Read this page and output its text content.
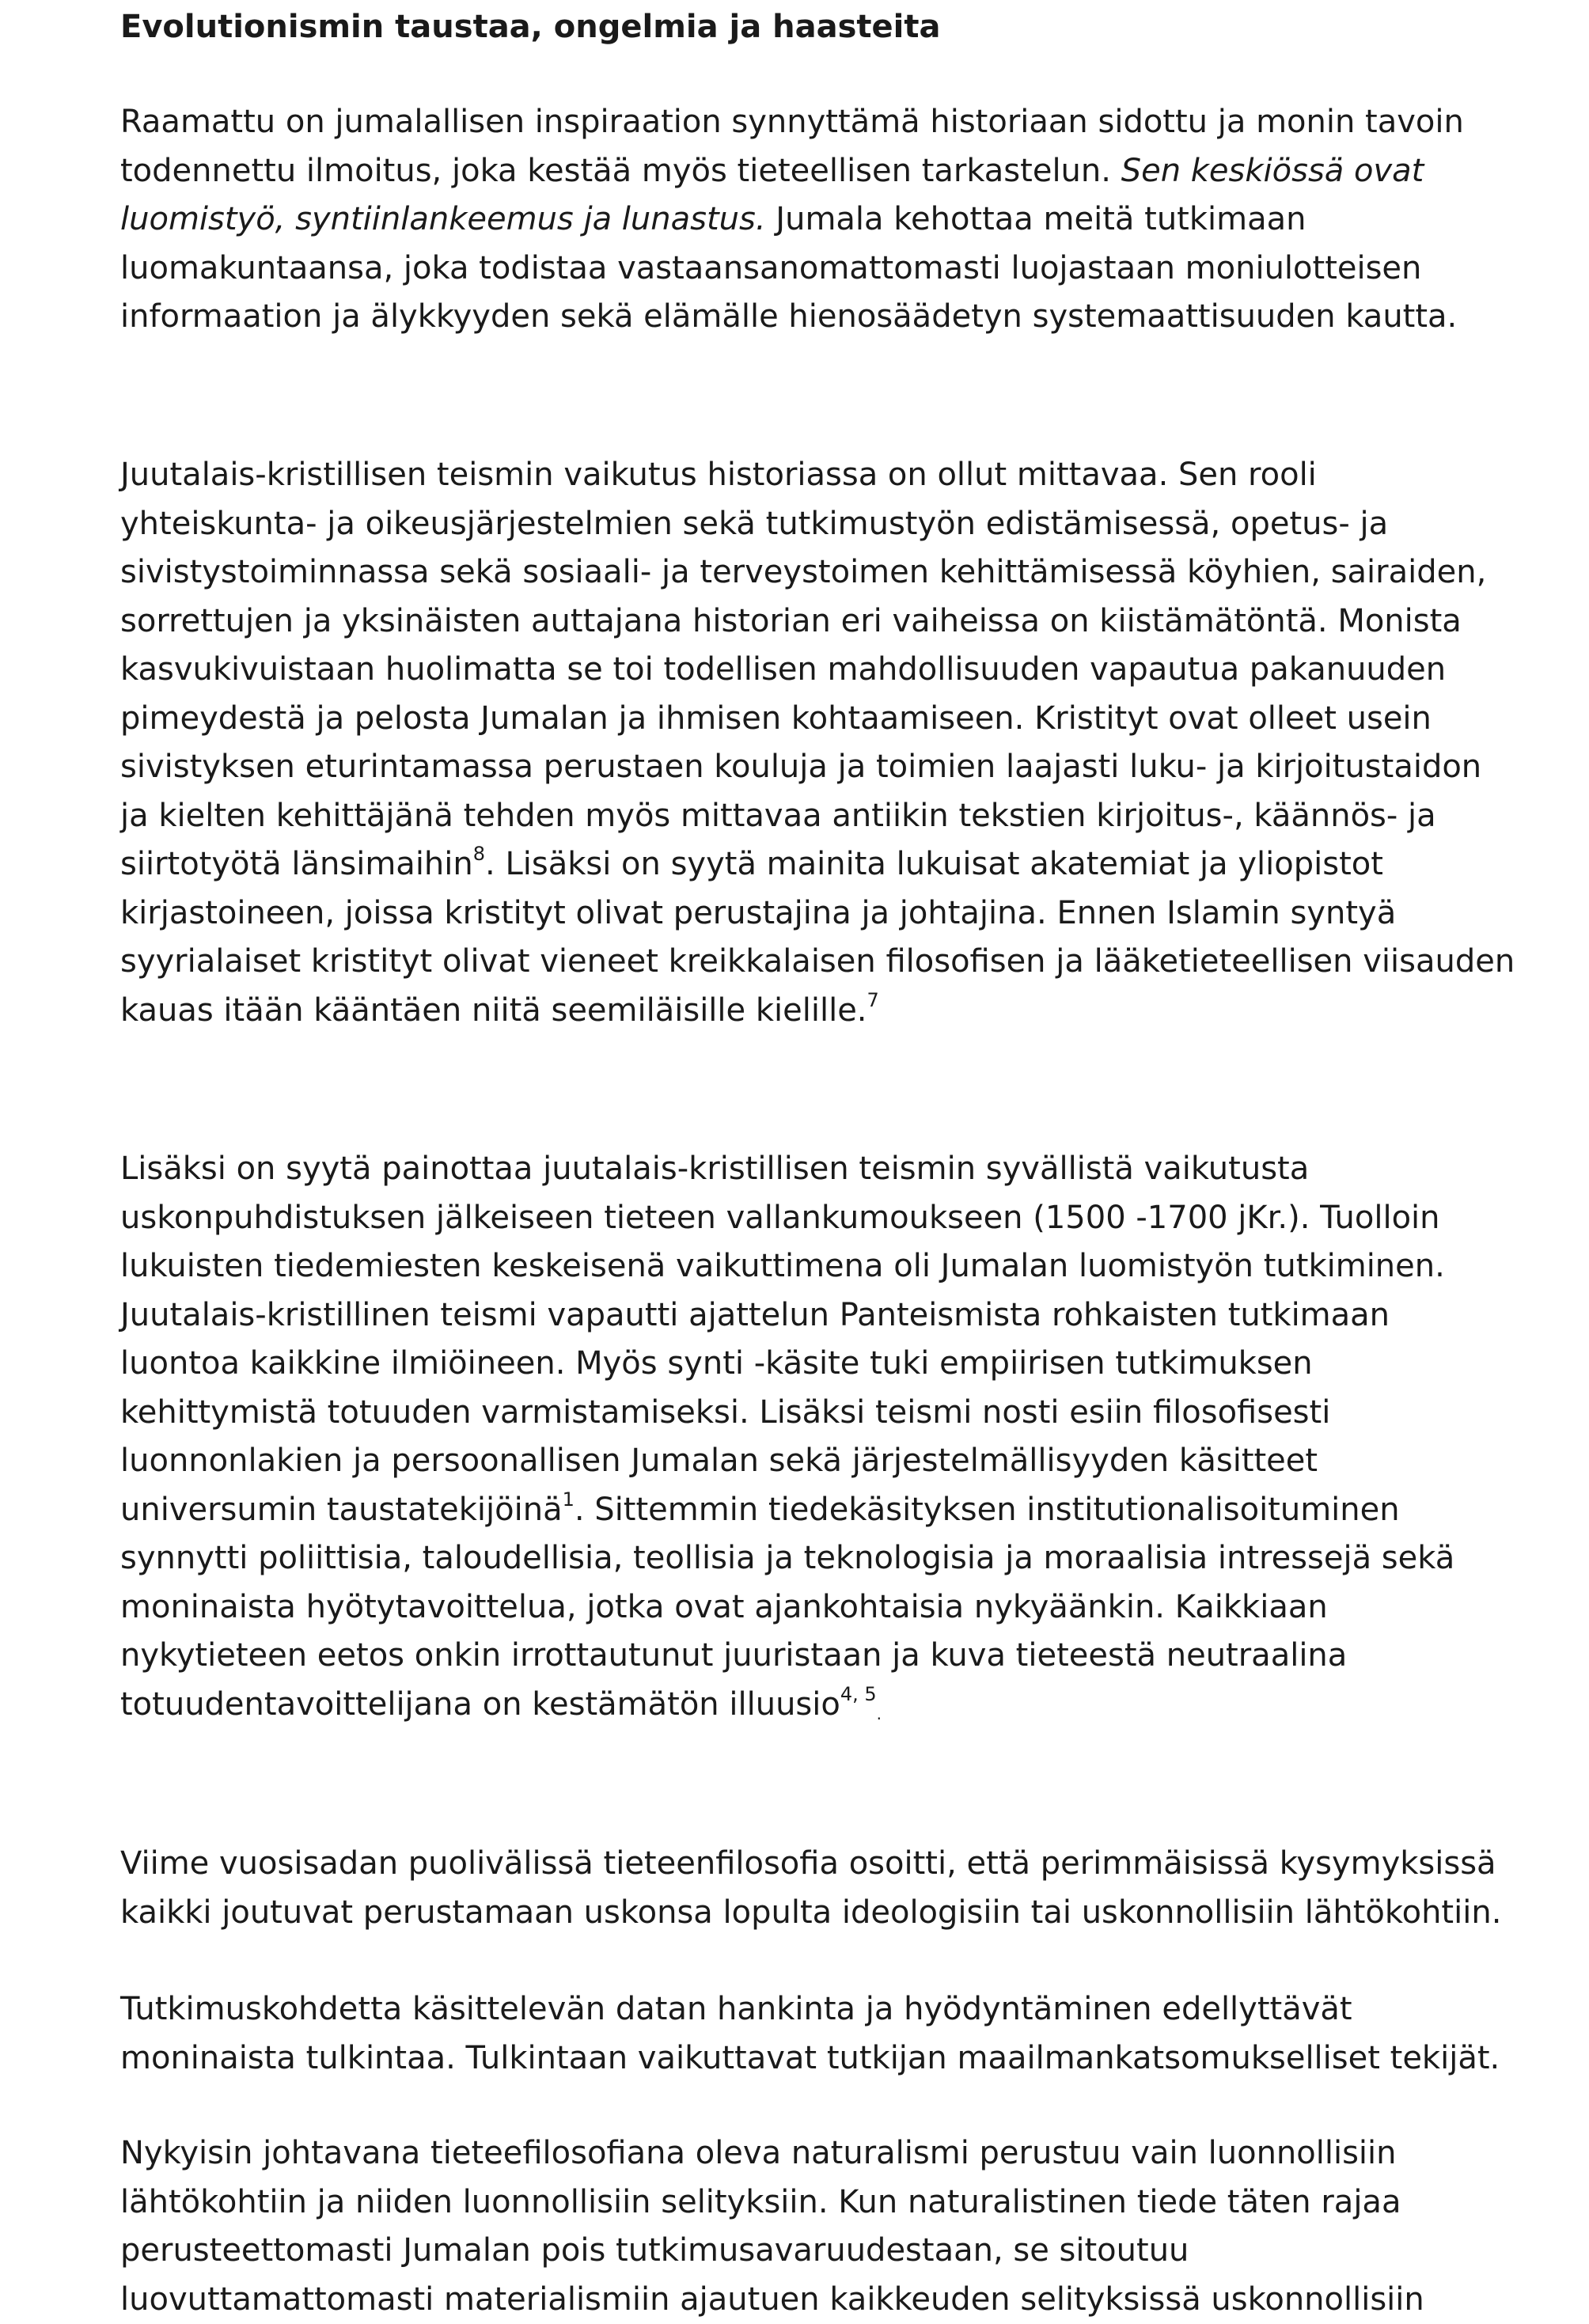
Evolutionismin taustaa, ongelmia ja haasteita

Raamattu on jumalallisen inspiraation synnyttämä historiaan sidottu ja monin tavoin
todennettu ilmoitus, joka kestää myös tieteellisen tarkastelun. Sen keskiössä ovat
luomistyö, syntiinlankeemus ja lunastus. Jumala kehottaa meitä tutkimaan
luomakuntaansa, joka todistaa vastaansanomattomasti luojastaan moniulotteisen
informaation ja älykkyyden sekä elämälle hienosäädetyn systemaattisuuden kautta.

Juutalais-kristillisen teismin vaikutus historiassa on ollut mittavaa. Sen rooli
yhteiskunta- ja oikeusjärjestelmien sekä tutkimustyön edistämisessä, opetus- ja
sivistystoiminnassa sekä sosiaali- ja terveystoimen kehittämisessä köyhien, sairaiden,
sorrettujen ja yksinäisten auttajana historian eri vaiheissa on kiistämätöntä. Monista
kasvukivuistaan huolimatta se toi todellisen mahdollisuuden vapautua pakanuuden
pimeydestä ja pelosta Jumalan ja ihmisen kohtaamiseen. Kristityt ovat olleet usein
sivistyksen eturintamassa perustaen kouluja ja toimien laajasti luku- ja kirjoitustaidon
ja kielten kehittäjänä tehden myös mittavaa antiikin tekstien kirjoitus-, käännös- ja
siirtotyötä länsimaihin$^8$. Lisäksi on syytä mainita lukuisat akatemiat ja yliopistot
kirjastoineen, joissa kristityt olivat perustajina ja johtajina. Ennen Islamin syntyä
syyrialaiset kristityt olivat vieneet kreikkalaisen filosofisen ja lääketieteellisen viisauden
kauas itään kääntäen niitä seemiläisille kielille.$^7$

Lisäksi on syytä painottaa juutalais-kristillisen teismin syvällistä vaikutusta
uskonpuhdistuksen jälkeiseen tieteen vallankumoukseen (1500 -1700 jKr.). Tuolloin
lukuisten tiedemiesten keskeisenä vaikuttimena oli Jumalan luomistyön tutkiminen.
Juutalais-kristillinen teismi vapautti ajattelun Panteismista rohkaisten tutkimaan
luontoa kaikkine ilmiöineen. Myös synti -käsite tuki empiirisen tutkimuksen
kehittymistä totuuden varmistamiseksi. Lisäksi teismi nosti esiin filosofisesti
luonnonlakien ja persoonallisen Jumalan sekä järjestelmällisyyden käsitteet
universumin taustatekijöinä$^1$. Sittemmin tiedekäsityksen institutionalisoituminen
synnytti poliittisia, taloudellisia, teollisia ja teknologisia ja moraalisia intressejä sekä
moninaista hyötytavoittelua, jotka ovat ajankohtaisia nykyäänkin. Kaikkiaan
nykytieteen eetos onkin irrottautunut juuristaan ja kuva tieteestä neutraalina
totuudentavoittelijana on kestämätön illuusio$^{4, 5}$.

Viime vuosisadan puolivälissä tieteenfilosofia osoitti, että perimmäisissä kysymyksissä
kaikki joutuvat perustamaan uskonsa lopulta ideologisiin tai uskonnollisiin lähtökohtiin.

Tutkimuskohdetta käsittelevän datan hankinta ja hyödyntäminen edellyttävät
moninaista tulkintaa. Tulkintaan vaikuttavat tutkijan maailmankatsomukselliset tekijät.

Nykyisin johtavana tieteefilosofiana oleva naturalismi perustuu vain luonnollisiin
lähtökohtiin ja niiden luonnollisiin selityksiin. Kun naturalistinen tiede täten rajaa
perusteettomasti Jumalan pois tutkimusavaruudestaan, se sitoutuu
luovuttamattomasti materialismiin ajautuen kaikkeuden selityksissä uskonnollisiin
